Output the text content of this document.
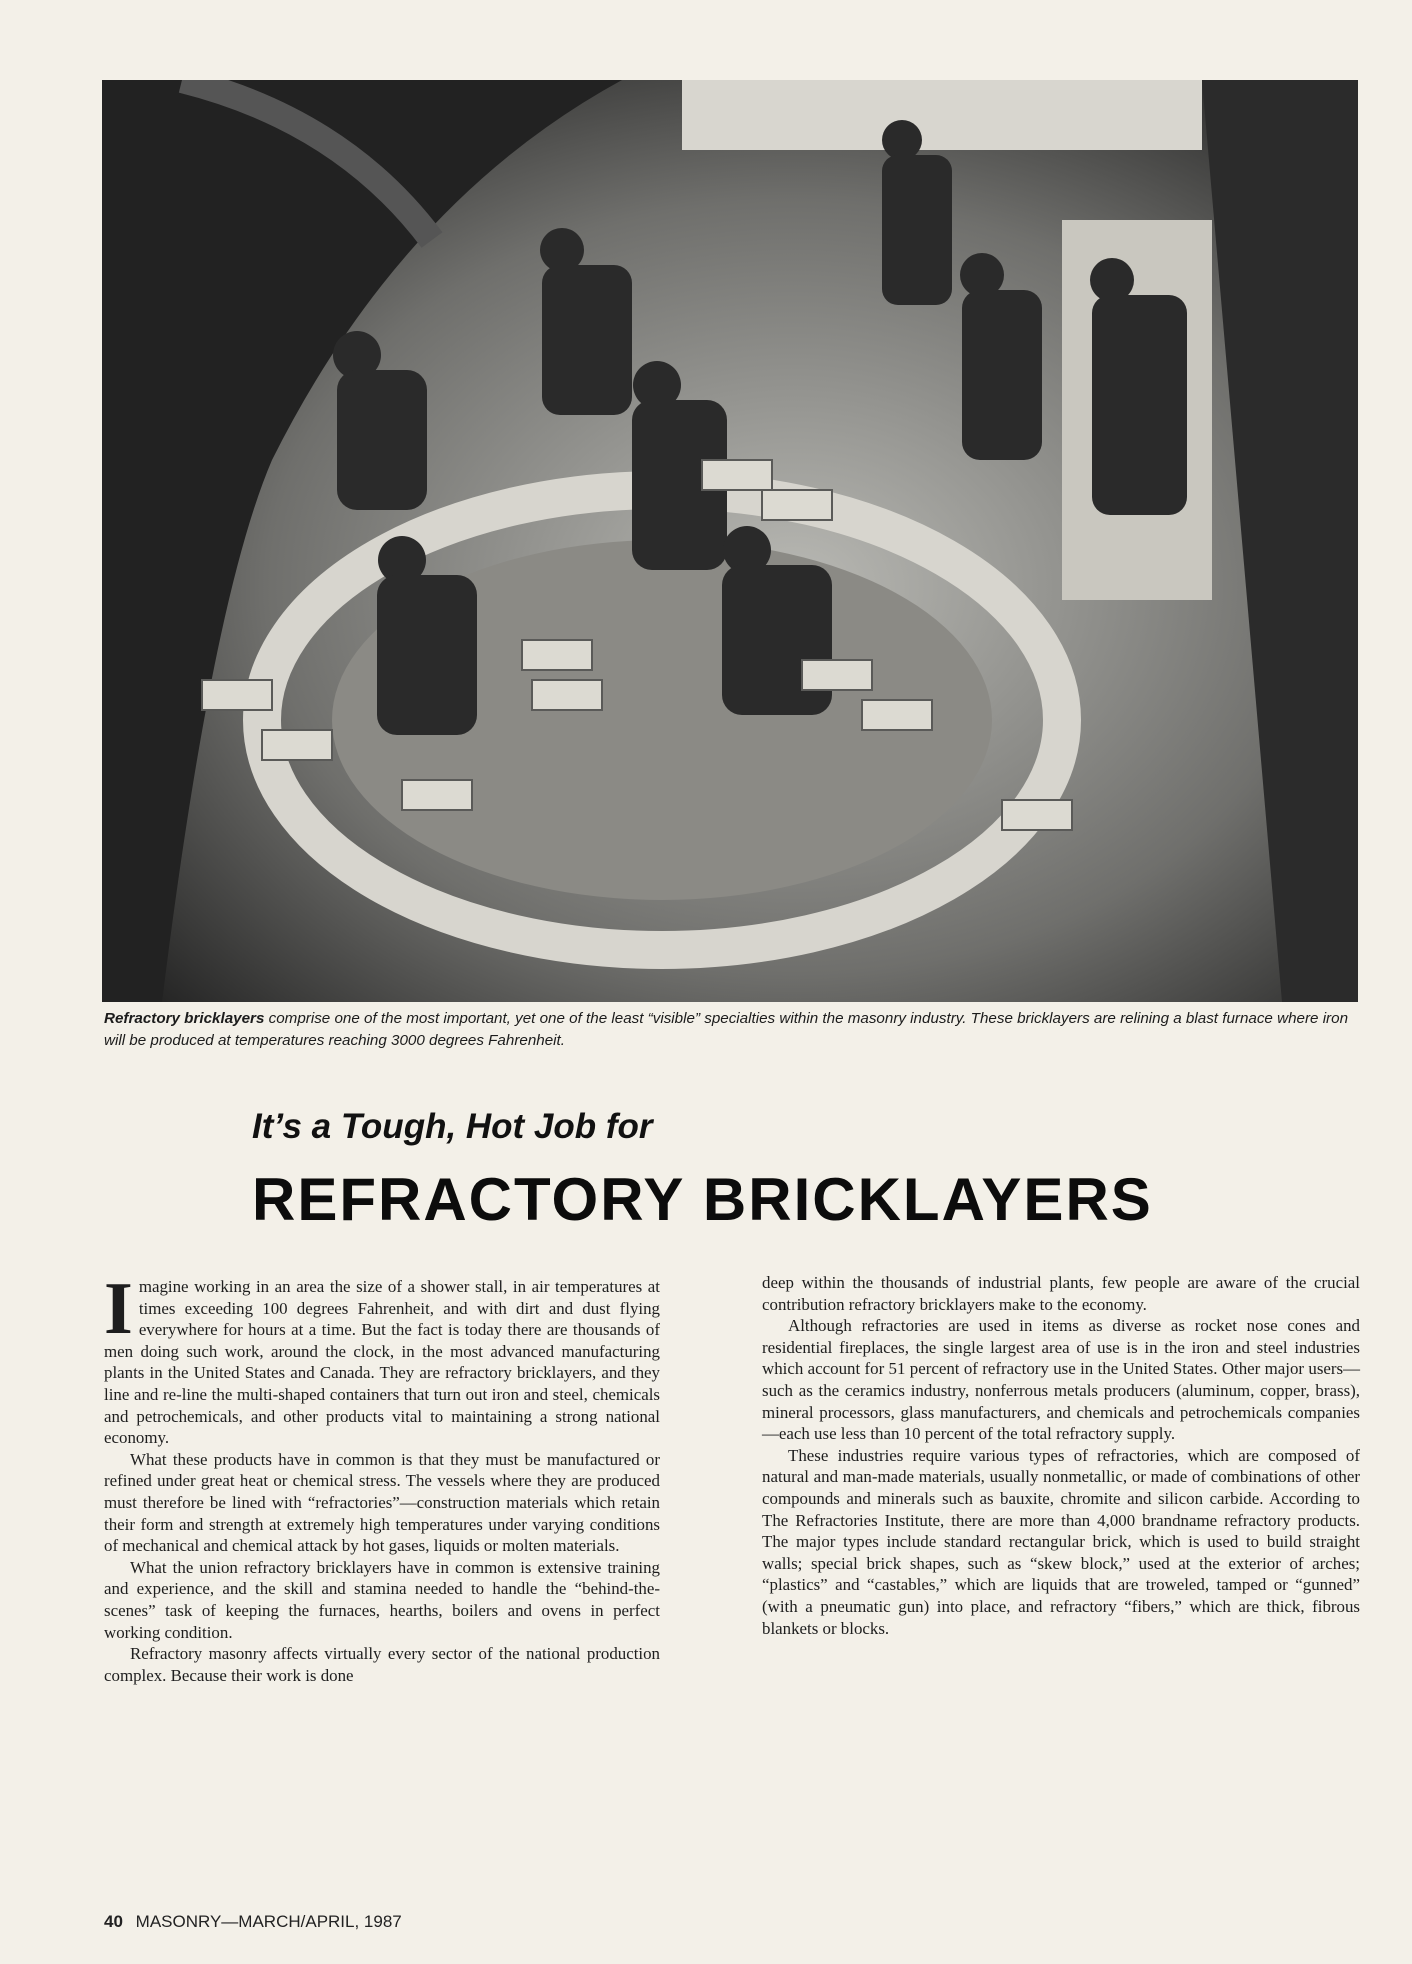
Refractory bricklayers comprise one of the most important, yet one of the least “visible” specialties within the masonry industry. These bricklayers are relining a blast furnace where iron will be produced at temperatures reaching 3000 degrees Fahrenheit.
It’s a Tough, Hot Job for
REFRACTORY BRICKLAYERS

Imagine working in an area the size of a shower stall, in air temperatures at times exceeding 100 degrees Fahrenheit, and with dirt and dust flying everywhere for hours at a time. But the fact is today there are thousands of men doing such work, around the clock, in the most advanced manufacturing plants in the United States and Canada. They are refractory bricklayers, and they line and re-line the multi-shaped containers that turn out iron and steel, chemicals and petrochemicals, and other products vital to maintaining a strong national economy.

What these products have in common is that they must be manufactured or refined under great heat or chemical stress. The vessels where they are produced must therefore be lined with “refractories”—construction materials which retain their form and strength at extremely high temperatures under varying conditions of mechanical and chemical attack by hot gases, liquids or molten materials.

What the union refractory bricklayers have in common is extensive training and experience, and the skill and stamina needed to handle the “behind-the-scenes” task of keeping the furnaces, hearths, boilers and ovens in perfect working condition.

Refractory masonry affects virtually every sector of the national production complex. Because their work is done

deep within the thousands of industrial plants, few people are aware of the crucial contribution refractory bricklayers make to the economy.

Although refractories are used in items as diverse as rocket nose cones and residential fireplaces, the single largest area of use is in the iron and steel industries which account for 51 percent of refractory use in the United States. Other major users—such as the ceramics industry, nonferrous metals producers (aluminum, copper, brass), mineral processors, glass manufacturers, and chemicals and petrochemicals companies—each use less than 10 percent of the total refractory supply.

These industries require various types of refractories, which are composed of natural and man-made materials, usually nonmetallic, or made of combinations of other compounds and minerals such as bauxite, chromite and silicon carbide. According to The Refractories Institute, there are more than 4,000 brandname refractory products. The major types include standard rectangular brick, which is used to build straight walls; special brick shapes, such as “skew block,” used at the exterior of arches; “plastics” and “castables,” which are liquids that are troweled, tamped or “gunned” (with a pneumatic gun) into place, and refractory “fibers,” which are thick, fibrous blankets or blocks.

40 MASONRY—MARCH/APRIL, 1987
